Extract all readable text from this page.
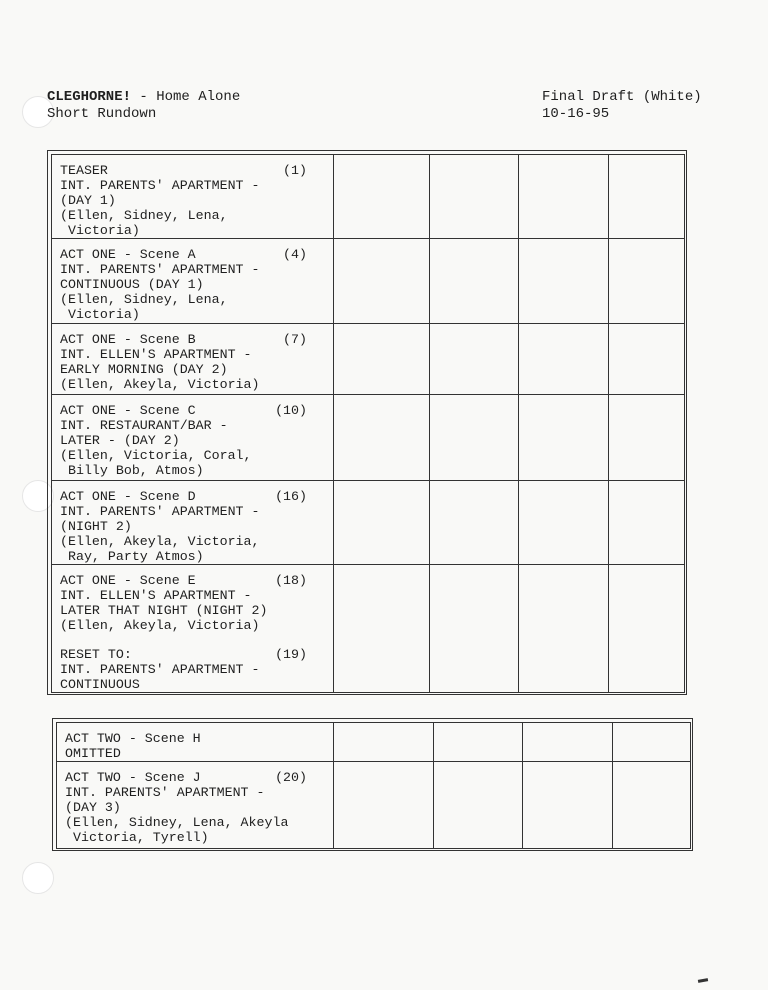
CLEGHORNE! - Home Alone
Short Rundown
Final Draft (White)
10-16-95
TEASER
INT. PARENTS' APARTMENT -
(DAY 1)
(Ellen, Sidney, Lena,
Victoria)
(1)
ACT ONE - Scene A
INT. PARENTS' APARTMENT -
CONTINUOUS (DAY 1)
(Ellen, Sidney, Lena,
Victoria)
(4)
ACT ONE - Scene B
INT. ELLEN'S APARTMENT -
EARLY MORNING (DAY 2)
(Ellen, Akeyla, Victoria)
(7)
ACT ONE - Scene C
INT. RESTAURANT/BAR -
LATER - (DAY 2)
(Ellen, Victoria, Coral,
Billy Bob, Atmos)
(10)
ACT ONE - Scene D
INT. PARENTS' APARTMENT -
(NIGHT 2)
(Ellen, Akeyla, Victoria,
Ray, Party Atmos)
(16)
ACT ONE - Scene E
INT. ELLEN'S APARTMENT -
LATER THAT NIGHT (NIGHT 2)
(Ellen, Akeyla, Victoria)
(18)
RESET TO:
INT. PARENTS' APARTMENT -
CONTINUOUS
(19)
ACT TWO - Scene H
OMITTED
ACT TWO - Scene J
INT. PARENTS' APARTMENT -
(DAY 3)
(Ellen, Sidney, Lena, Akeyla
Victoria, Tyrell)
(20)
